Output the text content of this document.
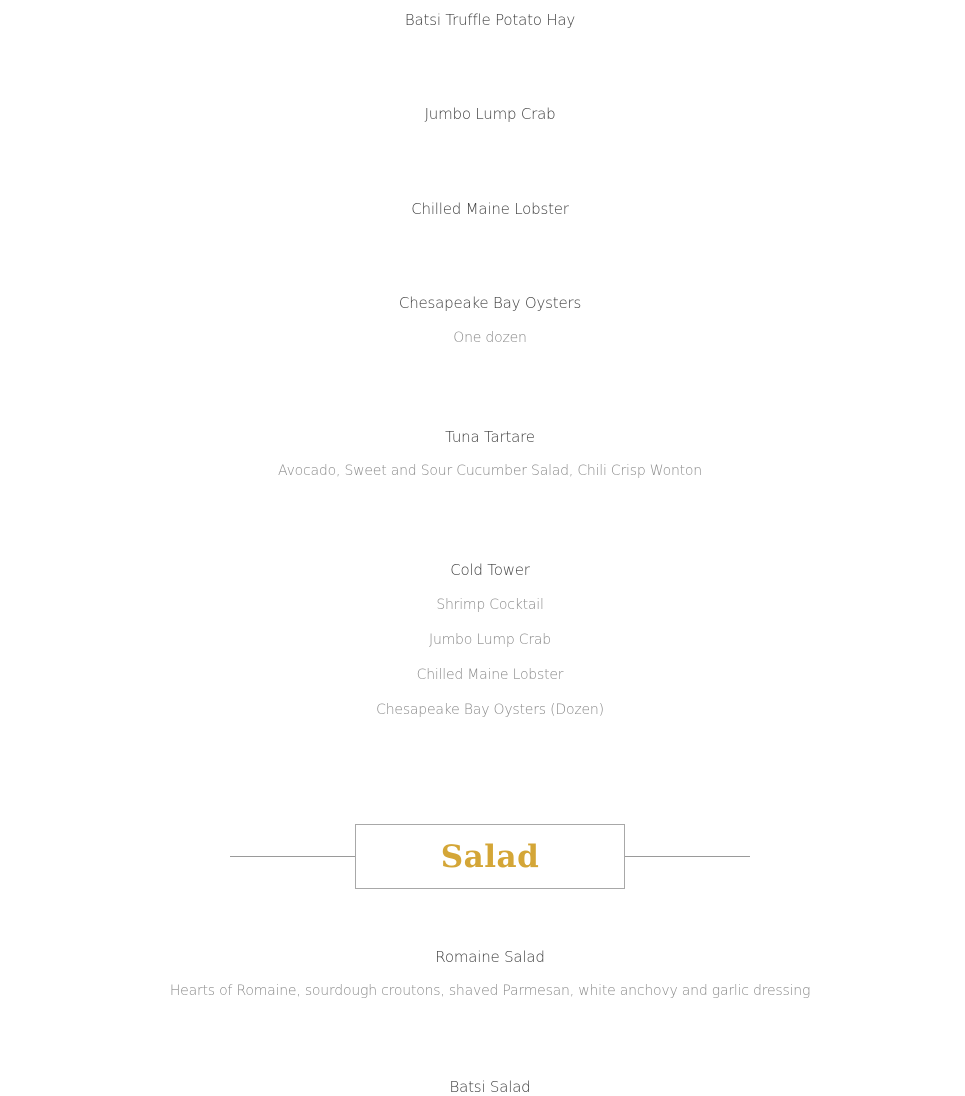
Batsi Truffle Potato Hay
Jumbo Lump Crab
Chilled Maine Lobster
Chesapeake Bay Oysters
One dozen
Tuna Tartare
Avocado, Sweet and Sour Cucumber Salad, Chili Crisp Wonton
Cold Tower
Shrimp Cocktail
Jumbo Lump Crab
Chilled Maine Lobster
Chesapeake Bay Oysters (Dozen)
Salad
Romaine Salad
Hearts of Romaine, sourdough croutons, shaved Parmesan, white anchovy and garlic dressing
Batsi Salad
